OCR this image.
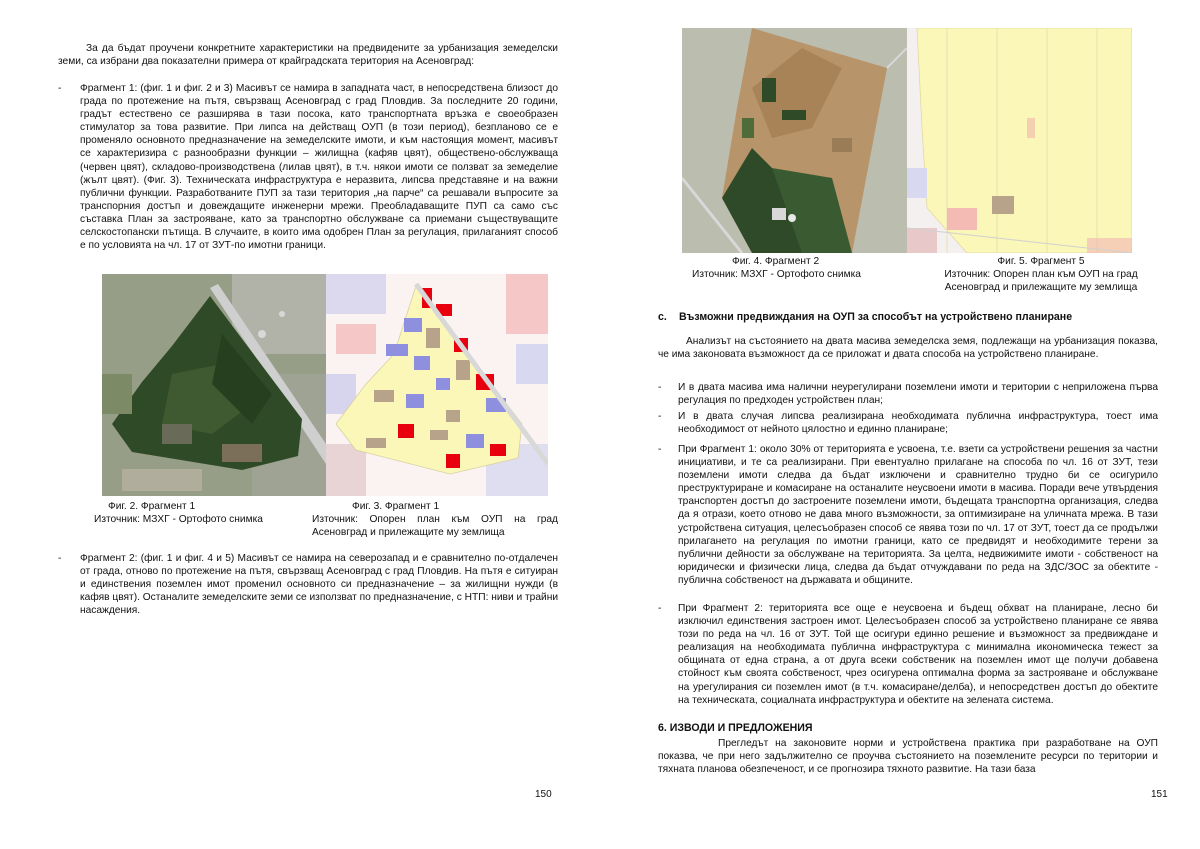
За да бъдат проучени конкретните характеристики на предвидените за урбанизация земеделски земи, са избрани два показателни примера от крайградската територия на Асеновград:

- Фрагмент 1: (фиг. 1 и фиг. 2 и 3) Масивът се намира в западната част, в непосредствена близост до града по протежение на пътя, свързващ Асеновград с град Пловдив. За последните 20 години, градът естествено се разширява в тази посока, като транспортната връзка е своеобразен стимулатор за това развитие. При липса на действащ ОУП (в този период), безпланово се е променяло основното предназначение на земеделските имоти, и към настоящия момент, масивът се характеризира с разнообразни функции – жилищна (кафяв цвят), обществено-обслужваща (червен цвят), складово-производствена (лилав цвят), в т.ч. някои имоти се ползват за земеделие (жълт цвят). (Фиг. 3). Техническата инфраструктура е неразвита, липсва представяне и на важни публични функции. Разработваните ПУП за тази територия „на парче“ са решавали въпросите за транспорния достъп и довеждащите инженерни мрежи. Преобладаващите ПУП са само със съставка План за застрояване, като за транспортно обслужване са приемани съществуващите селскостопански пътища. В случаите, в които има одобрен План за регулация, прилаганият способ е по условията на чл. 17 от ЗУТ-по имотни граници.

Фиг. 2. Фрагмент 1
Източник: МЗХГ - Ортофото снимка
Фиг. 3. Фрагмент 1
Източник: Опорен план към ОУП на град Асеновград и прилежащите му землища
- Фрагмент 2: (фиг. 1 и фиг. 4 и 5) Масивът се намира на северозапад и е сравнително по-отдалечен от града, отново по протежение на пътя, свързващ Асеновград с град Пловдив. На пътя е ситуиран и единствения поземлен имот променил основното си предназначение – за жилищни нужди (в кафяв цвят). Останалите земеделските земи се използват по предназначение, с НТП: ниви и трайни насаждения.

150
Фиг. 4. Фрагмент 2
Източник: МЗХГ - Ортофото снимка
Фиг. 5. Фрагмент 5
Източник: Опорен план към ОУП на град Асеновград и прилежащите му землища
c. Възможни предвиждания на ОУП за способът на устройствено планиране

Анализът на състоянието на двата масива земеделска земя, подлежащи на урбанизация показва, че има законовата възможност да се приложат и двата способа на устройствено планиране.

- И в двата масива има налични неурегулирани поземлени имоти и територии с неприложена първа регулация по предходен устройствен план;

- И в двата случая липсва реализирана необходимата публична инфраструктура, тоест има необходимост от нейното цялостно и единно планиране;

- При Фрагмент 1: около 30% от територията е усвоена, т.е. взети са устройствени решения за частни инициативи, и те са реализирани. При евентуално прилагане на способа по чл. 16 от ЗУТ, тези поземлени имоти следва да бъдат изключени и сравнително трудно би се осигурило преструктуриране и комасиране на останалите неусвоени имоти в масива. Поради вече утвърдения транспортен достъп до застроените поземлени имоти, бъдещата транспортна организация, следва да я отрази, което отново не дава много възможности, за оптимизиране на уличната мрежа. В тази устройствена ситуация, целесъобразен способ се явява този по чл. 17 от ЗУТ, тоест да се продължи прилагането на регулация по имотни граници, като се предвидят и необходимите терени за публични дейности за обслужване на територията. За целта, недвижимите имоти - собственост на юридически и физически лица, следва да бъдат отчуждавани по реда на ЗДС/ЗОС за обектите - публична собственост на държавата и общините.

- При Фрагмент 2: територията все още е неусвоена и бъдещ обхват на планиране, лесно би изключил единствения застроен имот. Целесъобразен способ за устройствено планиране се явява този по реда на чл. 16 от ЗУТ. Той ще осигури единно решение и възможност за предвиждане и реализация на необходимата публична инфраструктура с минимална икономическа тежест за общината от една страна, а от друга всеки собственик на поземлен имот ще получи добавена стойност към своята собственост, чрез осигурена оптимална форма за застрояване и обслужване на урегулирания си поземлен имот (в т.ч. комасиране/делба), и непосредствен достъп до обектите на техническата, социалната инфраструктура и обектите на зелената система.

6. ИЗВОДИ И ПРЕДЛОЖЕНИЯ

Прегледът на законовите норми и устройствена практика при разработване на ОУП показва, че при него задължително се проучва състоянието на поземлените ресурси по територии и тяхната планова обезпеченост, и се прогнозира тяхното развитие. На тази база

151
